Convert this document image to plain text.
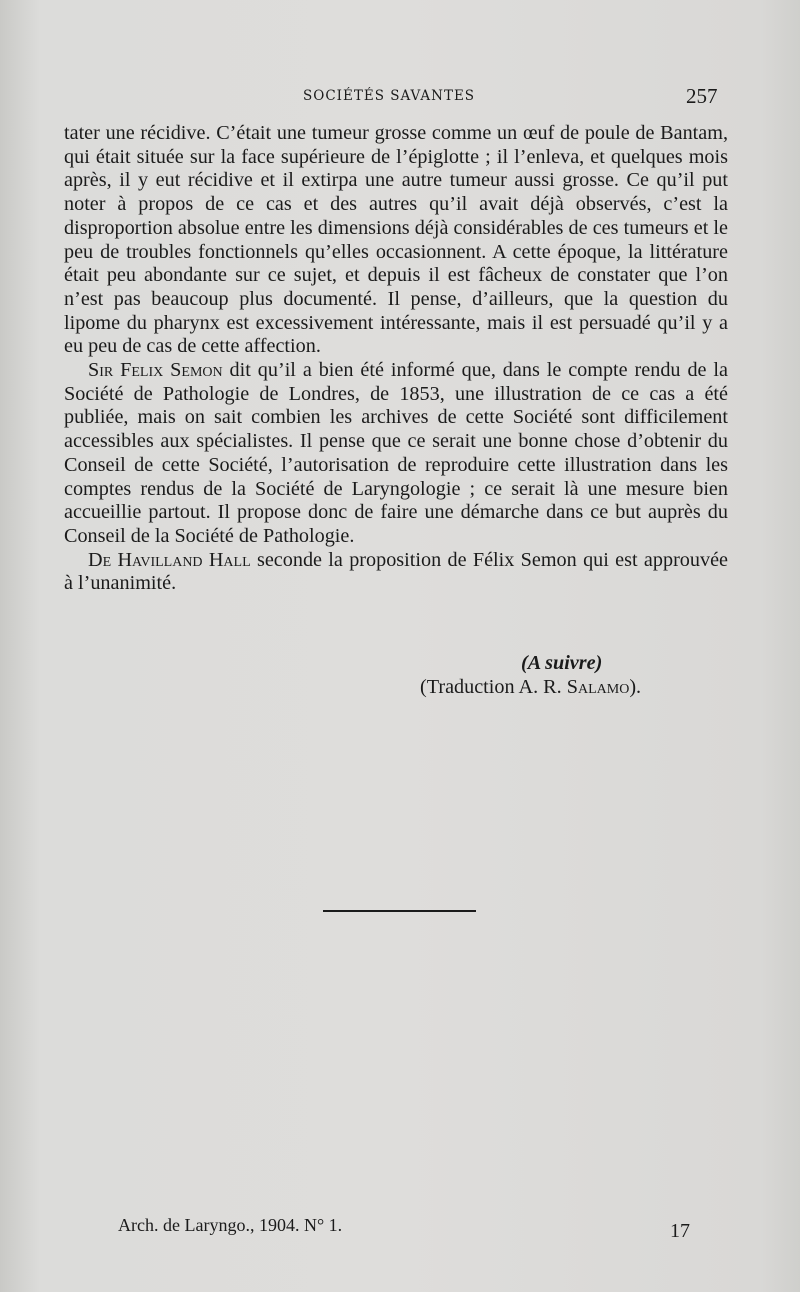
SOCIÉTÉS SAVANTES	257

tater une récidive. C’était une tumeur grosse comme un œuf de poule de Bantam, qui était située sur la face supérieure de l’épiglotte ; il l’enleva, et quelques mois après, il y eut récidive et il extirpa une autre tumeur aussi grosse. Ce qu’il put noter à propos de ce cas et des autres qu’il avait déjà observés, c’est la disproportion absolue entre les dimensions déjà considérables de ces tumeurs et le peu de troubles fonctionnels qu’elles occasionnent. A cette époque, la littérature était peu abondante sur ce sujet, et depuis il est fâcheux de constater que l’on n’est pas beaucoup plus documenté. Il pense, d’ailleurs, que la question du lipome du pharynx est excessivement intéressante, mais il est persuadé qu’il y a eu peu de cas de cette affection.

Sir Felix Semon dit qu’il a bien été informé que, dans le compte rendu de la Société de Pathologie de Londres, de 1853, une illustration de ce cas a été publiée, mais on sait combien les archives de cette Société sont difficilement accessibles aux spécialistes. Il pense que ce serait une bonne chose d’obtenir du Conseil de cette Société, l’autorisation de reproduire cette illustration dans les comptes rendus de la Société de Laryngologie ; ce serait là une mesure bien accueillie partout. Il propose donc de faire une démarche dans ce but auprès du Conseil de la Société de Pathologie.

De Havilland Hall seconde la proposition de Félix Semon qui est approuvée à l’unanimité.

(A suivre)
(Traduction A. R. Salamo).
Arch. de Laryngo., 1904. N° 1.	17
